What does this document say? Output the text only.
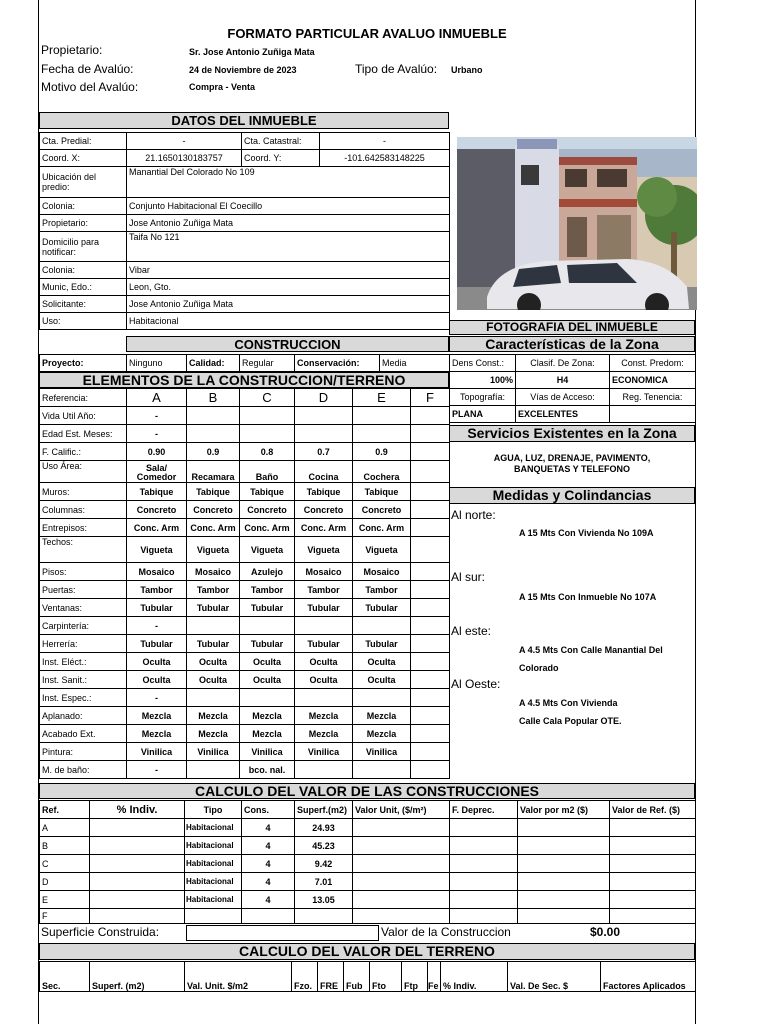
FORMATO PARTICULAR AVALUO INMUEBLE
Propietario:	Sr. Jose Antonio Zuñiga Mata
Fecha de Avalúo:	24 de Noviembre de 2023	Tipo de Avalúo: Urbano
Motivo del Avalúo:	Compra - Venta
DATOS DEL INMUEBLE
Cta. Predial:	-	Cta. Catastral:	-
Coord. X:	21.1650130183757	Coord. Y:	-101.642583148225
Ubicación del predio:	Manantial Del Colorado No 109		
Colonia:	Conjunto Habitacional El Coecillo		
Propietario:	Jose Antonio Zuñiga Mata		
Domicilio para notificar:	Taifa No 121		
Colonia:	Vibar		
Munic, Edo.:	Leon, Gto.		
Solicitante:	Jose Antonio Zuñiga Mata		
Uso:	Habitacional			FOTOGRAFIA DEL INMUEBLE
CONSTRUCCION
Proyecto:	Ninguno	Calidad:	Regular	Conservación:	Media
ELEMENTOS DE LA CONSTRUCCION/TERRENO
Referencia:	A	B	C	D	E	F
Vida Util Año:	-					
Edad Est. Meses:	-					
F. Calific.:	0.90	0.9	0.8	0.7	0.9	
Uso Área:	Sala/ Comedor	Recamara	Baño	Cocina	Cochera	
Muros:	Tabique	Tabique	Tabique	Tabique	Tabique	
Columnas:	Concreto	Concreto	Concreto	Concreto	Concreto	
Entrepisos:	Conc. Arm	Conc. Arm	Conc. Arm	Conc. Arm	Conc. Arm	
Techos:	Vigueta	Vigueta	Vigueta	Vigueta	Vigueta	
Pisos:	Mosaico	Mosaico	Azulejo	Mosaico	Mosaico	
Puertas:	Tambor	Tambor	Tambor	Tambor	Tambor	
Ventanas:	Tubular	Tubular	Tubular	Tubular	Tubular	
Carpintería:	-					
Herrería:	Tubular	Tubular	Tubular	Tubular	Tubular	
Inst. Eléct.:	Oculta	Oculta	Oculta	Oculta	Oculta	
Inst. Sanit.:	Oculta	Oculta	Oculta	Oculta	Oculta	
Inst. Espec.:	-					
Aplanado:	Mezcla	Mezcla	Mezcla	Mezcla	Mezcla	
Acabado Ext.	Mezcla	Mezcla	Mezcla	Mezcla	Mezcla	
Pintura:	Vinilica	Vinilica	Vinilica	Vinilica	Vinilica	
M. de baño:	-		bco. nal.			
Características de la Zona
Dens Const.:	Clasif. De Zona:	Const. Predom:
100%	H4	ECONOMICA
Topografía:	Vías de Acceso:	Reg. Tenencia:
PLANA	EXCELENTES	
Servicios Existentes en la Zona
AGUA, LUZ, DRENAJE, PAVIMENTO,
BANQUETAS Y TELEFONO
Medidas y Colindancias
Al norte:
A 15 Mts Con Vivienda No 109A
Al sur:
A 15 Mts Con Inmueble No 107A
Al este:
A 4.5 Mts Con Calle Manantial Del
Colorado
Al Oeste:
A 4.5 Mts Con Vivienda
Calle Cala Popular OTE.
CALCULO DEL VALOR DE LAS CONSTRUCCIONES
Ref.	% Indiv.	Tipo	Cons.	Superf.(m2)	Valor Unit, ($/m²)	F. Deprec.	Valor por m2 ($)	Valor de Ref. ($)
A		Habitacional	4	24.93				
B		Habitacional	4	45.23				
C		Habitacional	4	9.42				
D		Habitacional	4	7.01				
E		Habitacional	4	13.05				
F								
Superficie Construida:	Valor de la Construccion	$0.00
CALCULO DEL VALOR DEL TERRENO
Sec.	Superf. (m2)	Val. Unit. $/m2	Fzo.	FRE	Fub	Fto	Ftp	Fe	% Indiv.	Val. De Sec. $	Factores Aplicados
